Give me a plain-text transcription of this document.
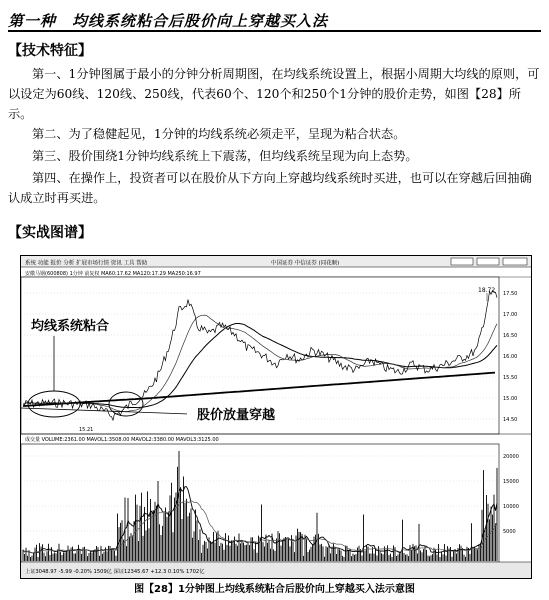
第一种　均线系统粘合后股价向上穿越买入法
【技术特征】
第一、1分钟图属于最小的分钟分析周期图，在均线系统设置上，根据小周期大均线的原则，可以设定为60线、120线、250线，代表60个、120个和250个1分钟的股价走势，如图【28】所示。
第二、为了稳健起见，1分钟的均线系统必须走平，呈现为粘合状态。
第三、股价围绕1分钟均线系统上下震荡，但均线系统呈现为向上态势。
第四、在操作上，投资者可以在股价从下方向上穿越均线系统时买进，也可以在穿越后回抽确认成立时再买进。
【实战图谱】
系统 功能 报价 分析 扩展市场行情 资讯 工具 帮助	中国证券 中信证券 (同花顺)
安徽马钢(600808) 1分钟 前复权 MA60:17.62 MA120:17.29 MA250:16.97
17.50
17.00
16.50
16.00
15.50
15.00
14.50
18.72
15.21
均线系统粘合
股价放量穿越
成交量 VOLUME:2361.00 MAVOL1:3508.00 MAVOL2:3380.00 MAVOL3:3125.00
20000
15000
10000
5000
上证3048.97 -5.99 -0.20% 1509亿 深证12345.67 +12.3 0.10% 1702亿
图【28】1分钟图上均线系统粘合后股价向上穿越买入法示意图
